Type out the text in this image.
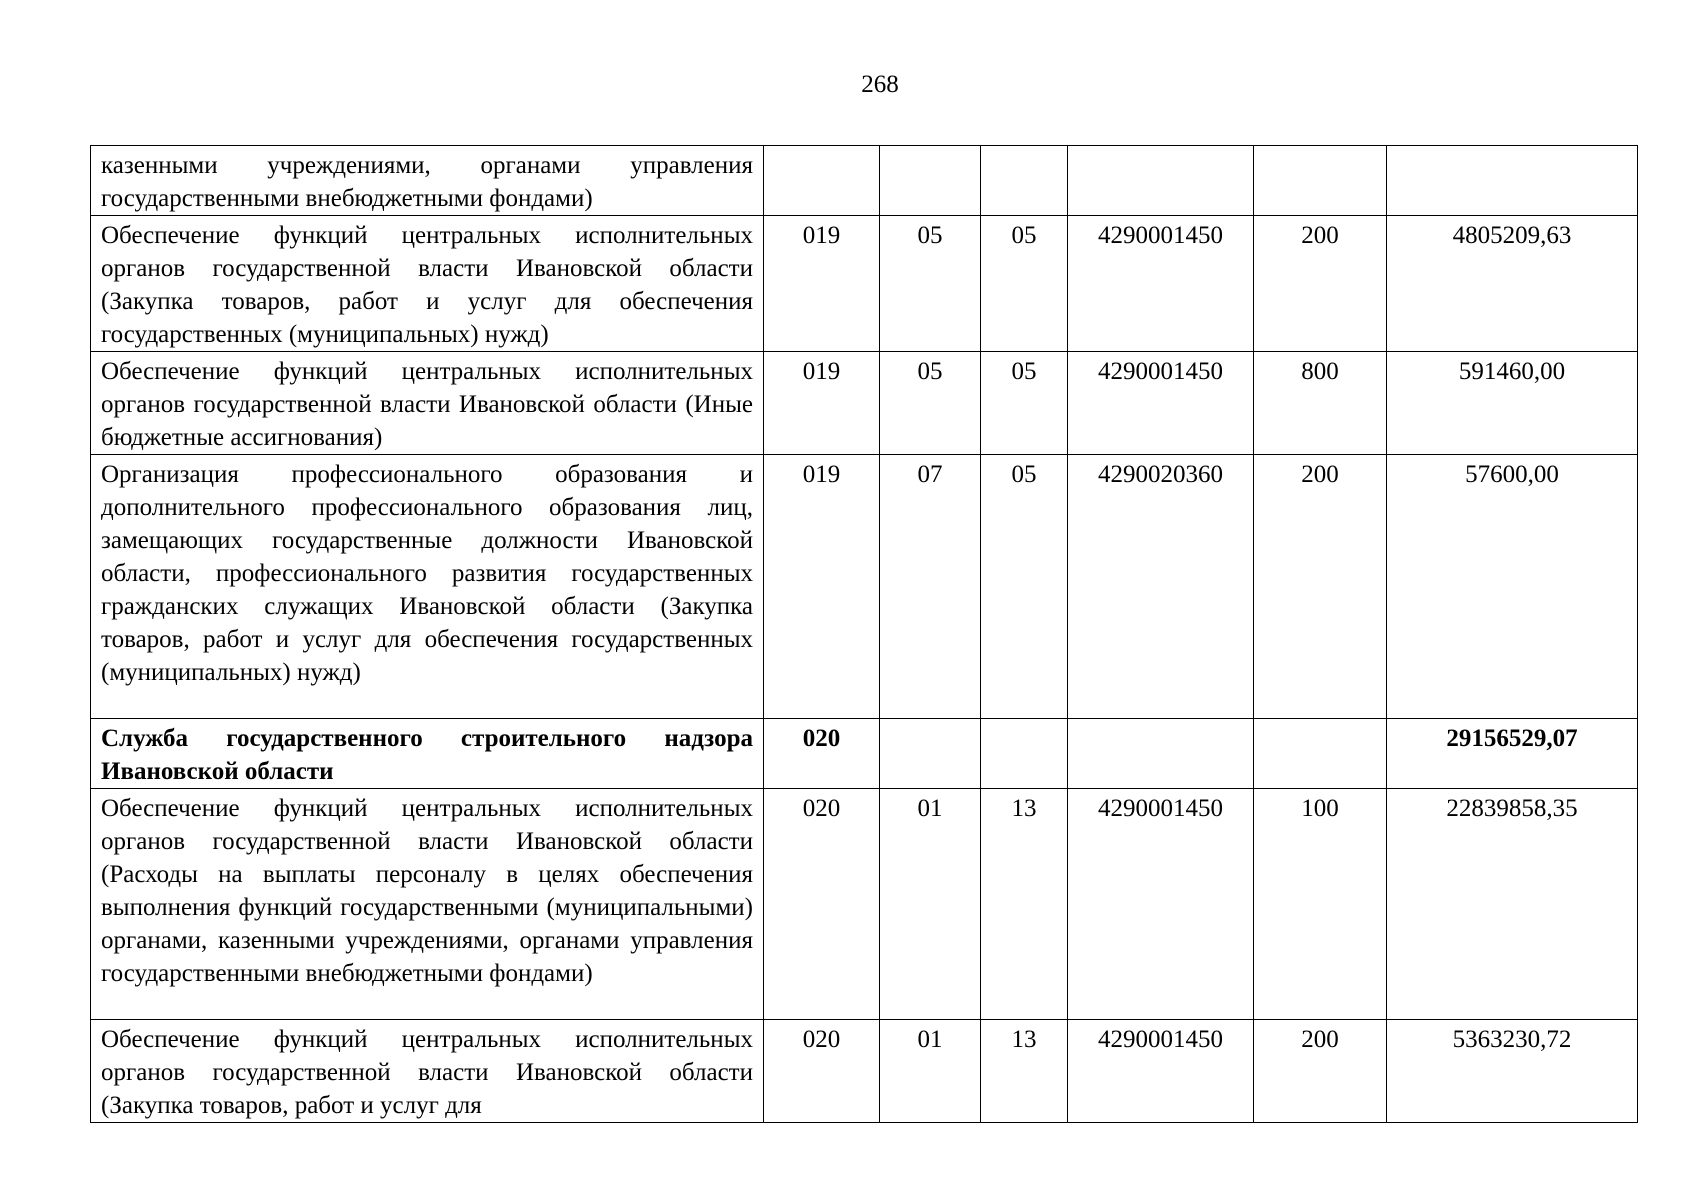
268
казенными учреждениями, органами управления государственными внебюджетными фондами)						
Обеспечение функций центральных исполнительных органов государственной власти Ивановской области (Закупка товаров, работ и услуг для обеспечения государственных (муниципальных) нужд)	019	05	05	4290001450	200	4805209,63
Обеспечение функций центральных исполнительных органов государственной власти Ивановской области (Иные бюджетные ассигнования)	019	05	05	4290001450	800	591460,00
Организация профессионального образования и дополнительного профессионального образования лиц, замещающих государственные должности Ивановской области, профессионального развития государственных гражданских служащих Ивановской области (Закупка товаров, работ и услуг для обеспечения государственных (муниципальных) нужд)	019	07	05	4290020360	200	57600,00
Служба государственного строительного надзора Ивановской области	020					29156529,07
Обеспечение функций центральных исполнительных органов государственной власти Ивановской области (Расходы на выплаты персоналу в целях обеспечения выполнения функций государственными (муниципальными) органами, казенными учреждениями, органами управления государственными внебюджетными фондами)	020	01	13	4290001450	100	22839858,35
Обеспечение функций центральных исполнительных органов государственной власти Ивановской области (Закупка товаров, работ и услуг для	020	01	13	4290001450	200	5363230,72
